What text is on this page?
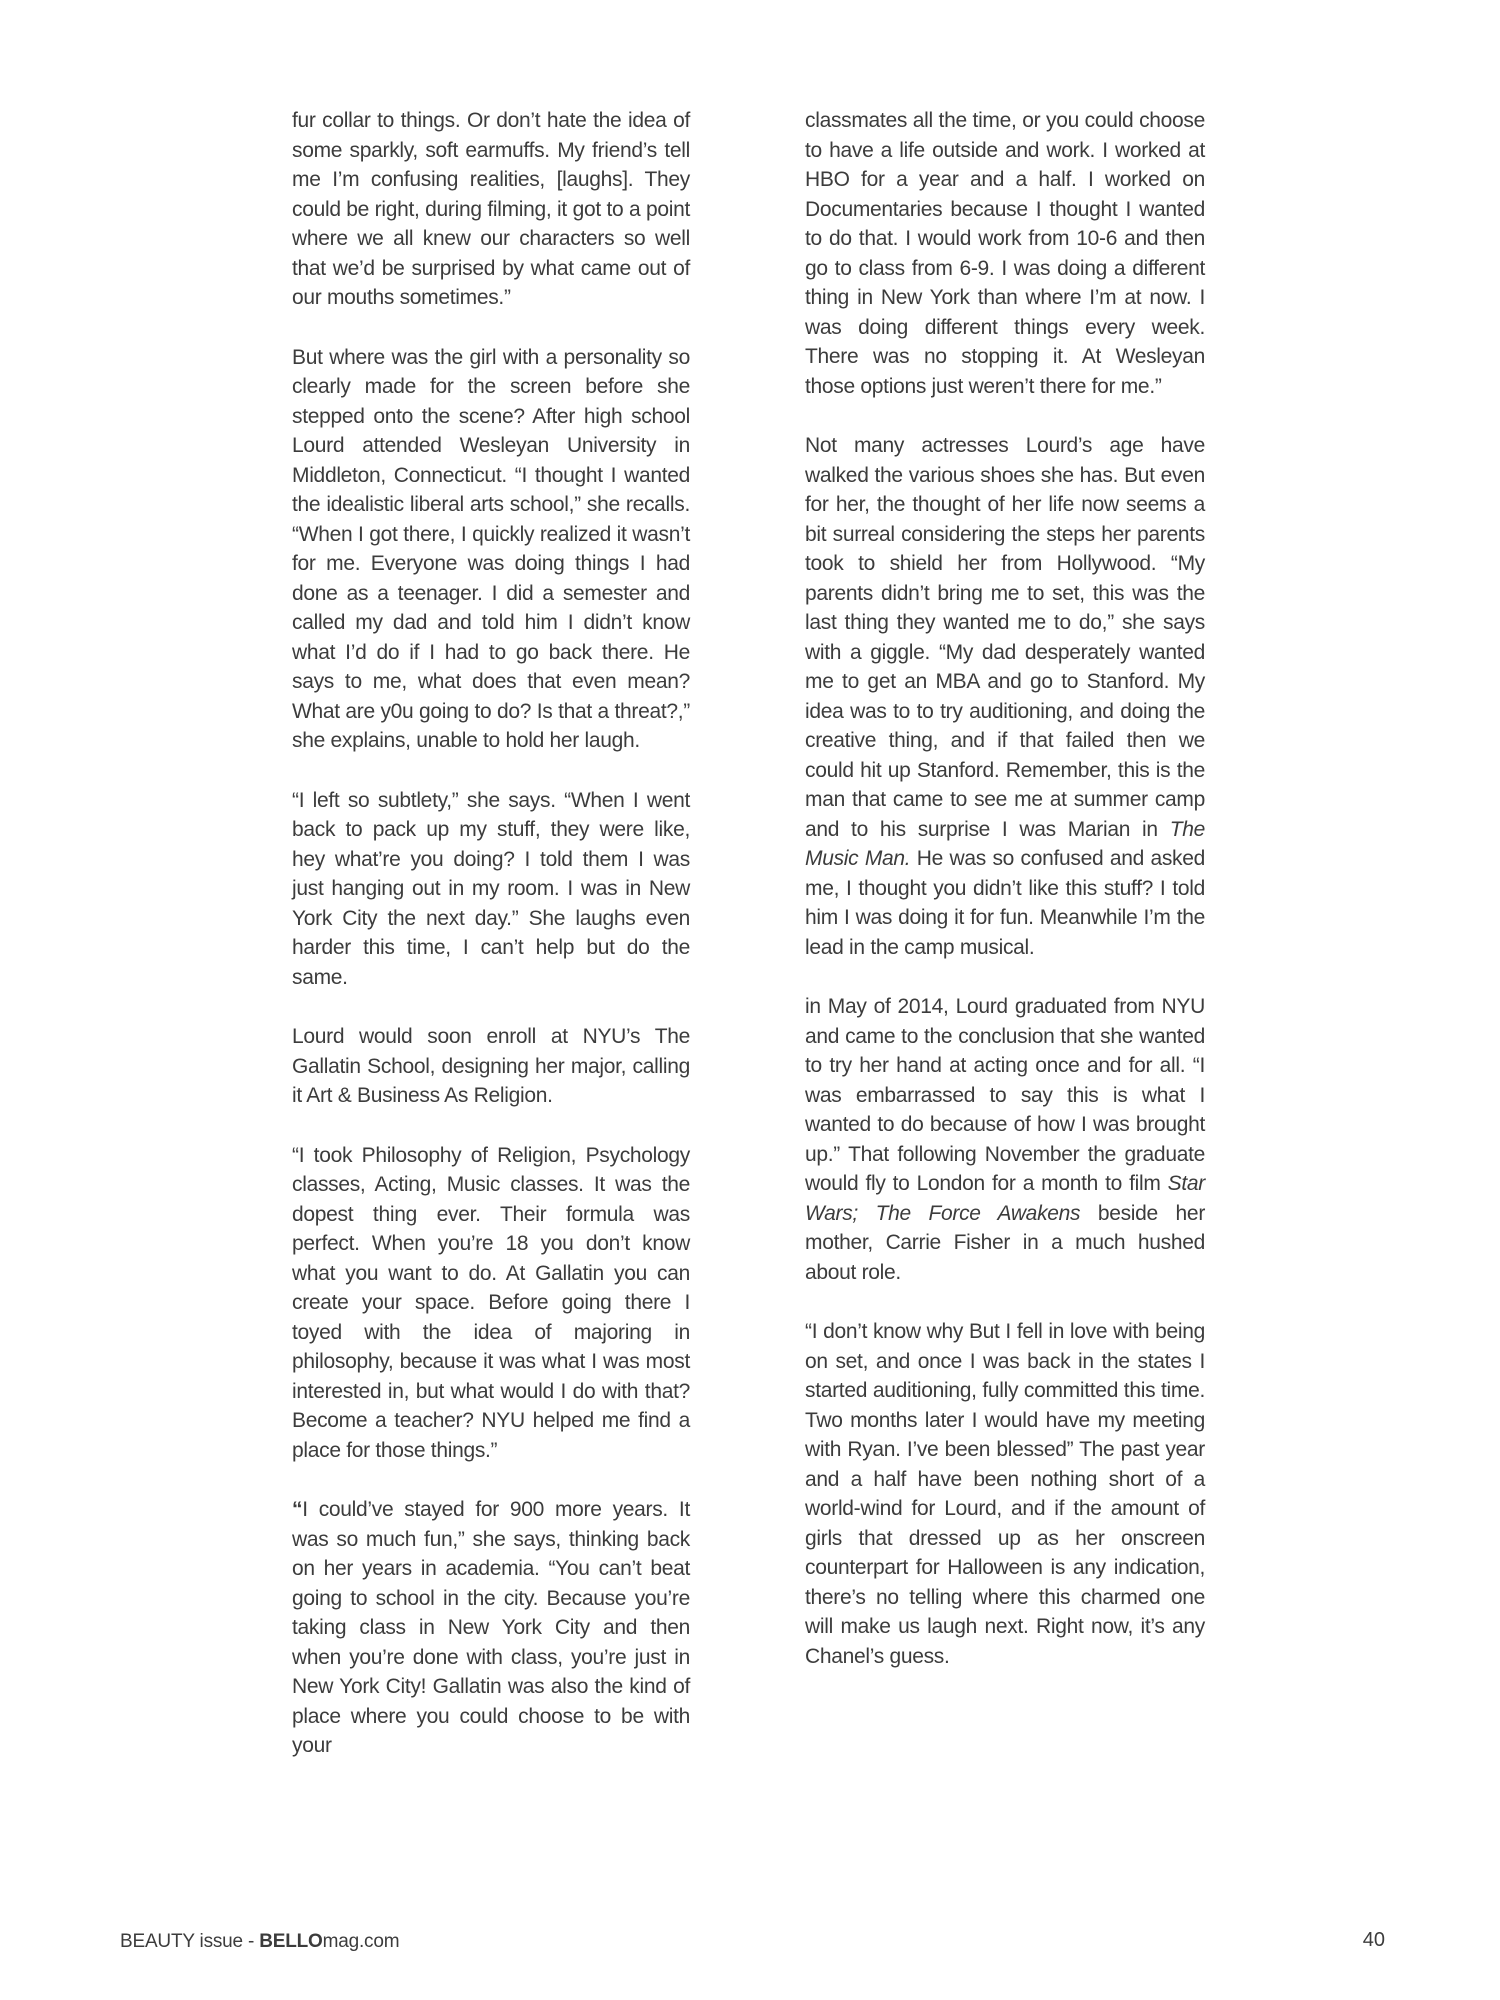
fur collar to things. Or don’t hate the idea of some sparkly, soft earmuffs. My friend’s tell me I’m confusing realities, [laughs]. They could be right, during filming, it got to a point where we all knew our characters so well that we’d be surprised by what came out of our mouths sometimes.”

But where was the girl with a personality so clearly made for the screen before she stepped onto the scene? After high school Lourd attended Wesleyan University in Middleton, Connecticut. “I thought I wanted the idealistic liberal arts school,” she recalls. “When I got there, I quickly realized it wasn’t for me. Everyone was doing things I had done as a teenager. I did a semester and called my dad and told him I didn’t know what I’d do if I had to go back there. He says to me, what does that even mean? What are y0u going to do? Is that a threat?,” she explains, unable to hold her laugh.

“I left so subtlety,” she says. “When I went back to pack up my stuff, they were like, hey what’re you doing? I told them I was just hanging out in my room. I was in New York City the next day.” She laughs even harder this time, I can’t help but do the same.

Lourd would soon enroll at NYU’s The Gallatin School, designing her major, calling it Art & Business As Religion.

“I took Philosophy of Religion, Psychology classes, Acting, Music classes. It was the dopest thing ever. Their formula was perfect. When you’re 18 you don’t know what you want to do. At Gallatin you can create your space. Before going there I toyed with the idea of majoring in philosophy, because it was what I was most interested in, but what would I do with that? Become a teacher? NYU helped me find a place for those things.”

“I could’ve stayed for 900 more years. It was so much fun,” she says, thinking back on her years in academia. “You can’t beat going to school in the city. Because you’re taking class in New York City and then when you’re done with class, you’re just in New York City! Gallatin was also the kind of place where you could choose to be with your

classmates all the time, or you could choose to have a life outside and work. I worked at HBO for a year and a half. I worked on Documentaries because I thought I wanted to do that. I would work from 10-6 and then go to class from 6-9. I was doing a different thing in New York than where I’m at now. I was doing different things every week. There was no stopping it. At Wesleyan those options just weren’t there for me.”

Not many actresses Lourd’s age have walked the various shoes she has. But even for her, the thought of her life now seems a bit surreal considering the steps her parents took to shield her from Hollywood. “My parents didn’t bring me to set, this was the last thing they wanted me to do,” she says with a giggle. “My dad desperately wanted me to get an MBA and go to Stanford. My idea was to to try auditioning, and doing the creative thing, and if that failed then we could hit up Stanford. Remember, this is the man that came to see me at summer camp and to his surprise I was Marian in The Music Man. He was so confused and asked me, I thought you didn’t like this stuff? I told him I was doing it for fun. Meanwhile I’m the lead in the camp musical.

in May of 2014, Lourd graduated from NYU and came to the conclusion that she wanted to try her hand at acting once and for all. “I was embarrassed to say this is what I wanted to do because of how I was brought up.” That following November the graduate would fly to London for a month to film Star Wars; The Force Awakens beside her mother, Carrie Fisher in a much hushed about role.

“I don’t know why But I fell in love with being on set, and once I was back in the states I started auditioning, fully committed this time. Two months later I would have my meeting with Ryan. I’ve been blessed” The past year and a half have been nothing short of a world-wind for Lourd, and if the amount of girls that dressed up as her onscreen counterpart for Halloween is any indication, there’s no telling where this charmed one will make us laugh next. Right now, it’s any Chanel’s guess.

BEAUTY issue - BELLOmag.com	40
